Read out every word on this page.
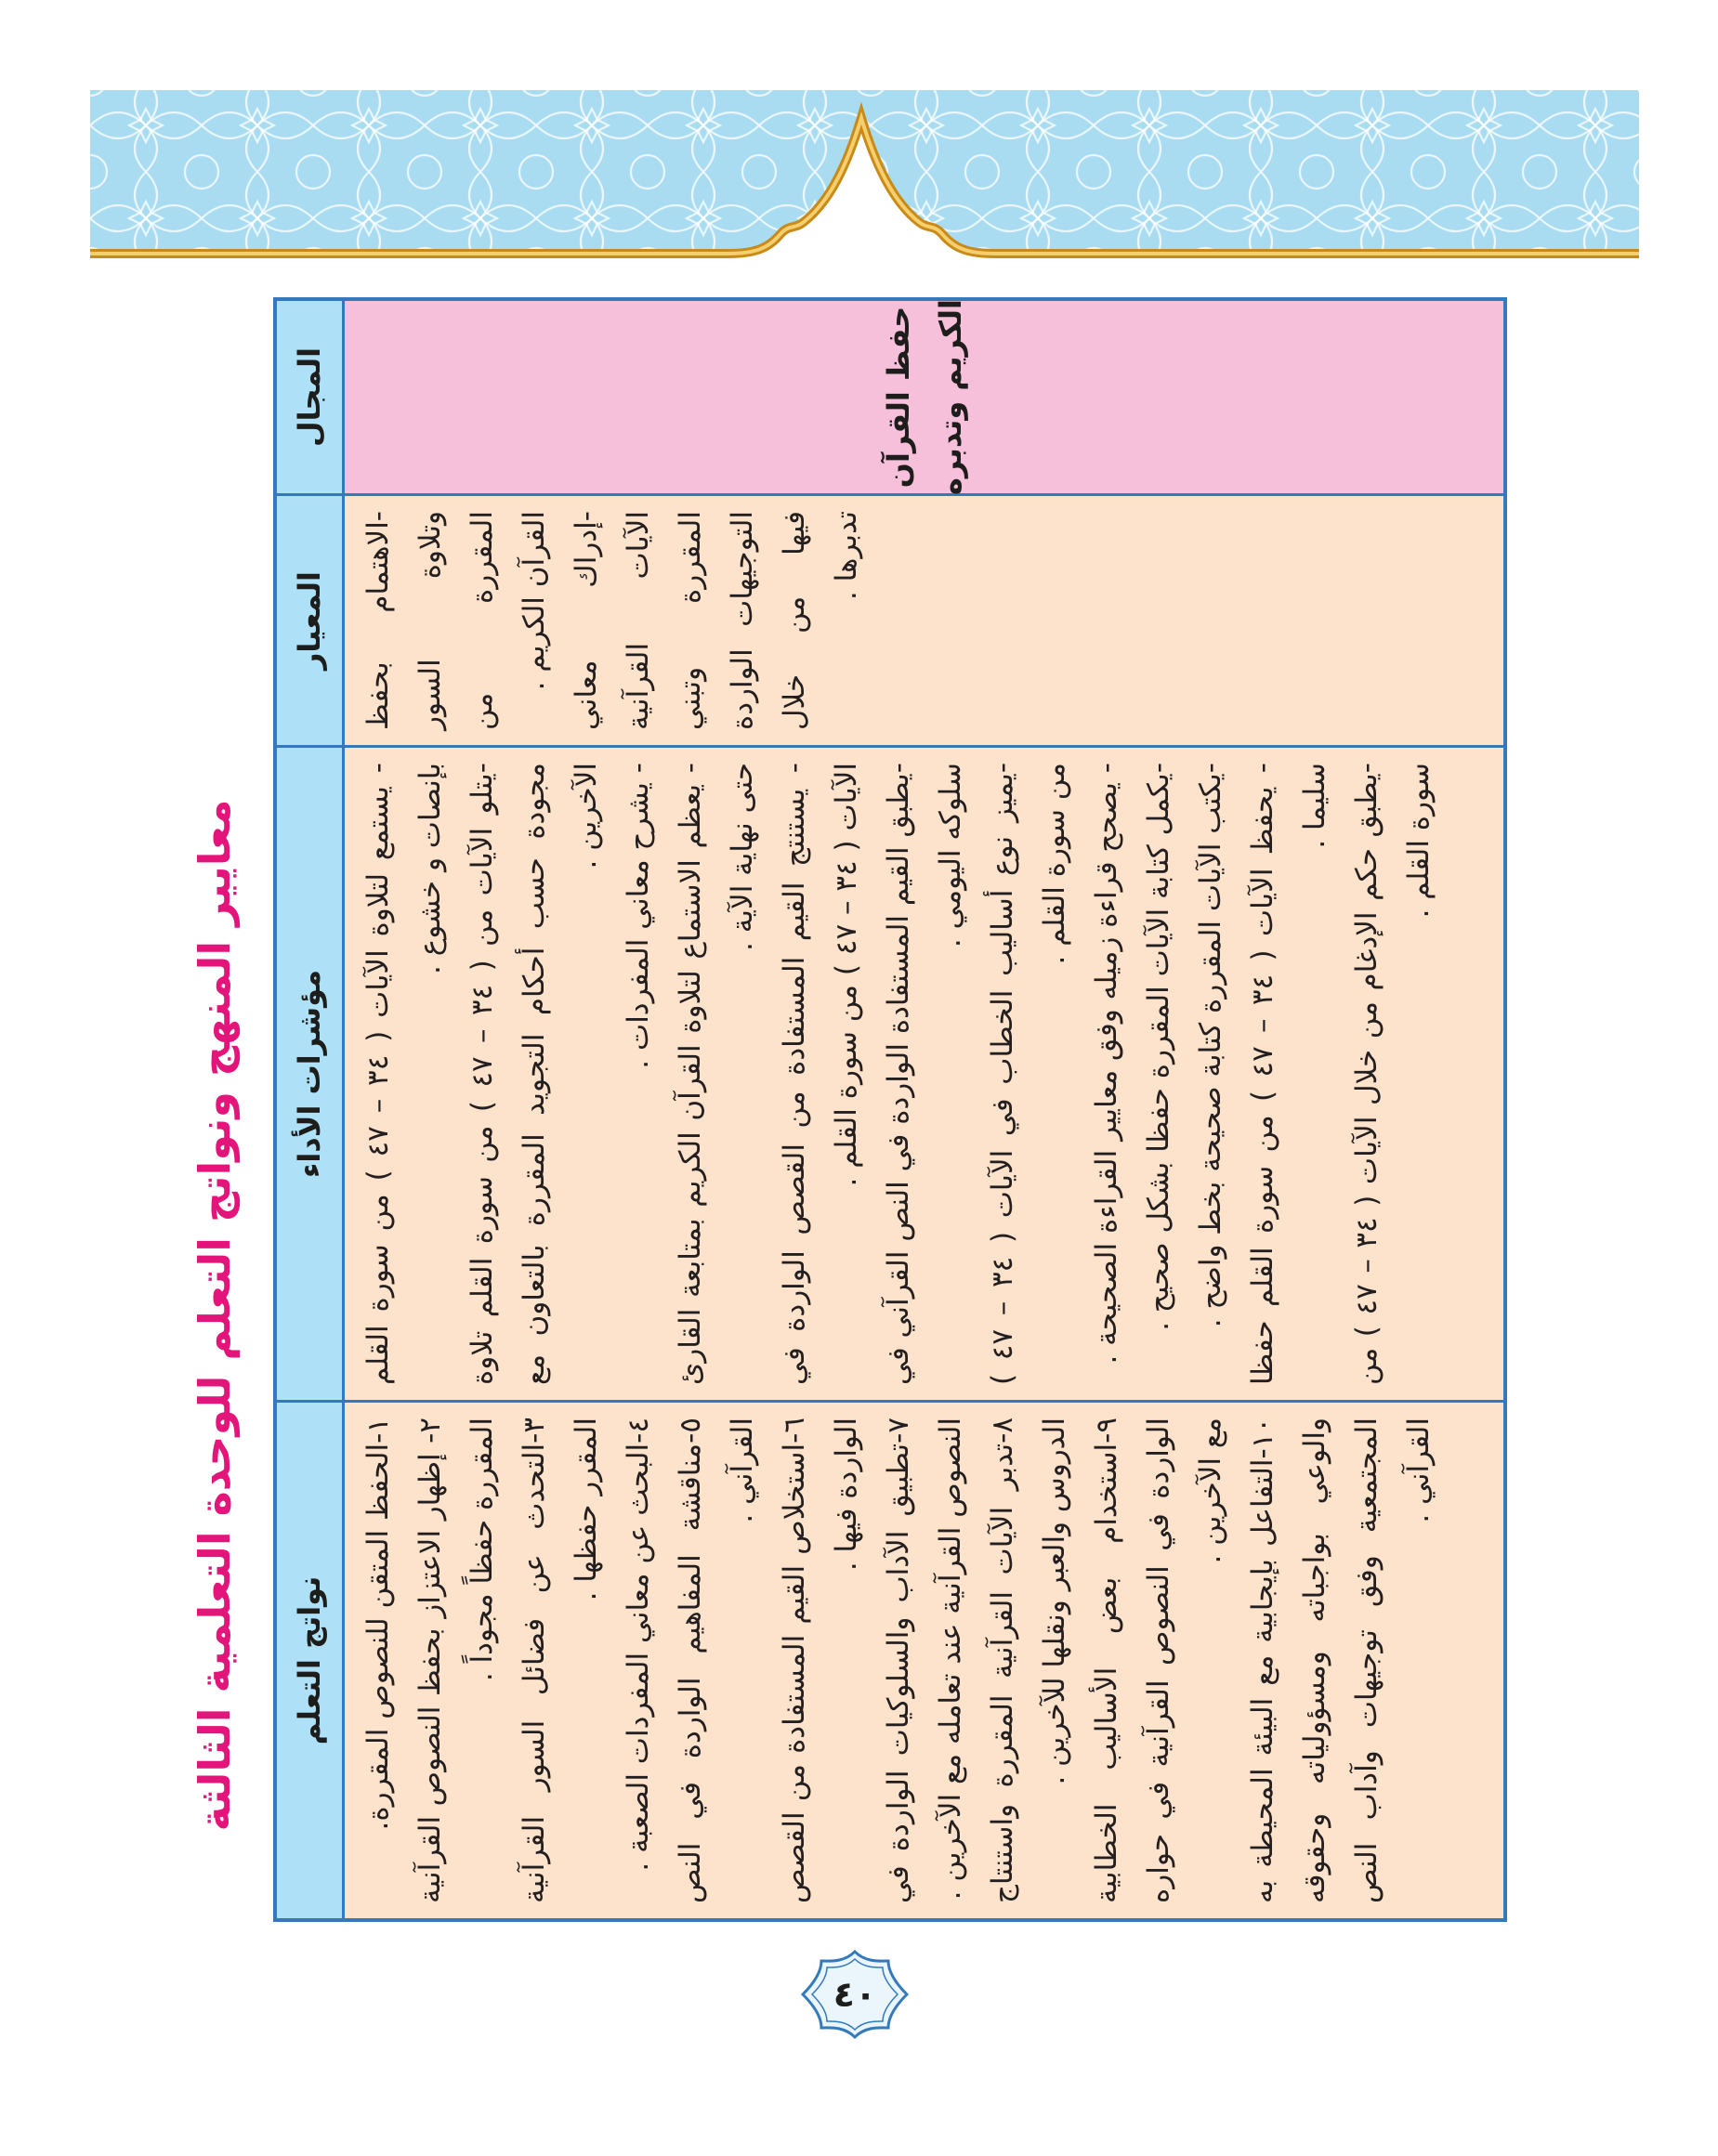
معايير المنهج ونواتج التعلم للوحدة التعلمية الثالثة
المجال
المعيار
مؤشرات الأداء
نواتج التعلم
حفظ القرآن الكريم وتدبره

-الاهتمام بحفظ وتلاوة السور المقررة من القرآن الكريم . -إدراك معاني الآيات القرآنية المقررة وتبني التوجيهات الواردة فيها من خلال تدبرها .

- يستمع لتلاوة الآيات ( ٣٤ – ٤٧ ) من سورة القلم بإنصات و خشوع .

-يتلو الآيات من ( ٣٤ – ٤٧ ) من سورة القلم تلاوة مجودة حسب أحكام التجويد المقررة بالتعاون مع الآخرين . - يشرح معاني المفردات . - يعظم الاستماع لتلاوة القرآن الكريم بمتابعة القارئ حتى نهاية الآية . - يستنتج القيم المستفادة من القصص الواردة في الآيات ( ٣٤ – ٤٧ ) من سورة القلم . -يطبق القيم المستفادة الواردة في النص القرآني في سلوكه اليومي .

-يميز نوع أساليب الخطاب في الآيات ( ٣٤ – ٤٧ ) من سورة القلم . - يصحح قراءة زميله وفق معايير القراءة الصحيحة . -يكمل كتابة الآيات المقررة حفظا بشكل صحيح . -يكتب الآيات المقررة كتابة صحيحة بخط واضح . - يحفظ الآيات ( ٣٤ – ٤٧ ) من سورة القلم حفظا سليما .

-يطبق حكم الإدغام من خلال الآيات ( ٣٤ – ٤٧ ) من سورة القلم .

١-الحفظ المتقن للنصوص المقررة.

٢- إظهار الاعتزاز بحفظ النصوص القرآنية المقررة حفظاً مجوداً . ٣-التحدث عن فضائل السور القرآنية المقرر حفظها . ٤-البحث عن معاني المفردات الصعبة .

٥-مناقشة المفاهيم الواردة في النص القرآني . ٦-استخلاص القيم المستفادة من القصص الواردة فيها . ٧-تطبيق الآداب والسلوكيات الواردة في النصوص القرآنية عند تعامله مع الآخرين . ٨-تدبر الآيات القرآنية المقررة واستنتاج الدروس والعبر ونقلها للآخرين . ٩-استخدام بعض الأساليب الخطابية الواردة في النصوص القرآنية في حواره مع الآخرين . ١٠-التفاعل بإيجابية مع البيئة المحيطة به والوعي بواجباته ومسؤولياته وحقوقه المجتمعية وفق توجيهات وآداب النص القرآني .

٤٠
